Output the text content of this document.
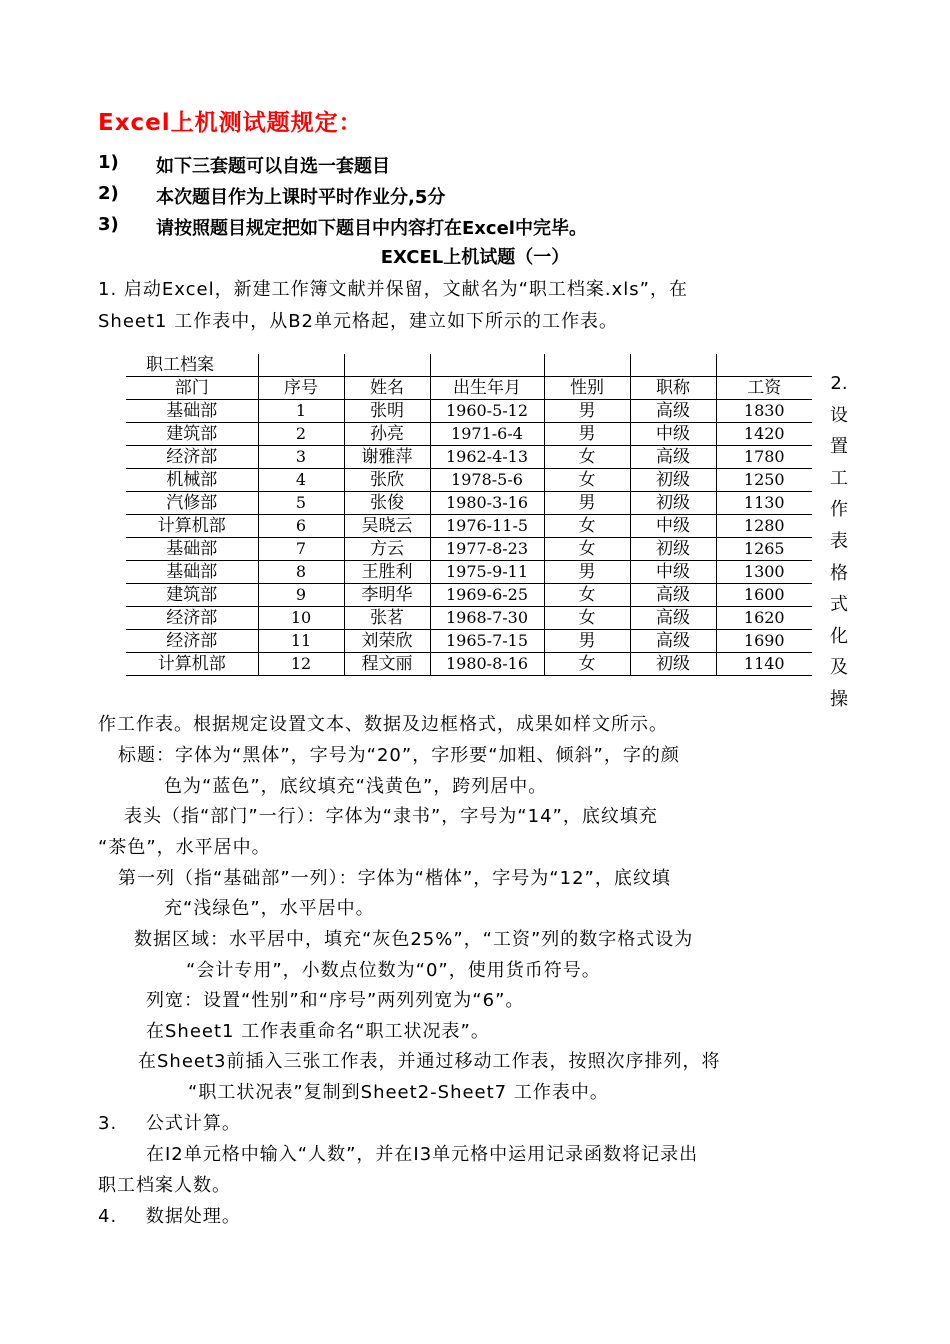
Excel上机测试题规定：
1) 如下三套题可以自选一套题目
2) 本次题目作为上课时平时作业分,5分
3) 请按照题目规定把如下题目中内容打在Excel中完毕。
EXCEL上机试题（一）
1. 启动Excel，新建工作簿文献并保留，文献名为“职工档案.xls”，在
Sheet1 工作表中，从B2单元格起，建立如下所示的工作表。
职工档案						
部门	序号	姓名	出生年月	性别	职称	工资
基础部	1	张明	1960-5-12	男	高级	1830
建筑部	2	孙亮	1971-6-4	男	中级	1420
经济部	3	谢雅萍	1962-4-13	女	高级	1780
机械部	4	张欣	1978-5-6	女	初级	1250
汽修部	5	张俊	1980-3-16	男	初级	1130
计算机部	6	吴晓云	1976-11-5	女	中级	1280
基础部	7	方云	1977-8-23	女	初级	1265
基础部	8	王胜利	1975-9-11	男	中级	1300
建筑部	9	李明华	1969-6-25	女	高级	1600
经济部	10	张茗	1968-7-30	女	高级	1620
经济部	11	刘荣欣	1965-7-15	男	高级	1690
计算机部	12	程文丽	1980-8-16	女	初级	1140
2.
设
置
工
作
表
格
式
化
及
操
作工作表。根据规定设置文本、数据及边框格式，成果如样文所示。
标题：字体为“黑体”，字号为“20”，字形要“加粗、倾斜”，字的颜
色为“蓝色”，底纹填充“浅黄色”，跨列居中。
表头（指“部门”一行）：字体为“隶书”，字号为“14”，底纹填充
“茶色”，水平居中。
第一列（指“基础部”一列）：字体为“楷体”，字号为“12”，底纹填
充“浅绿色”，水平居中。
数据区域：水平居中，填充“灰色25%”，“工资”列的数字格式设为
“会计专用”，小数点位数为“0”，使用货币符号。
列宽：设置“性别”和“序号”两列列宽为“6”。
在Sheet1 工作表重命名“职工状况表”。
在Sheet3前插入三张工作表，并通过移动工作表，按照次序排列，将
“职工状况表”复制到Sheet2-Sheet7 工作表中。
3. 公式计算。
在I2单元格中输入“人数”，并在I3单元格中运用记录函数将记录出
职工档案人数。
4. 数据处理。
